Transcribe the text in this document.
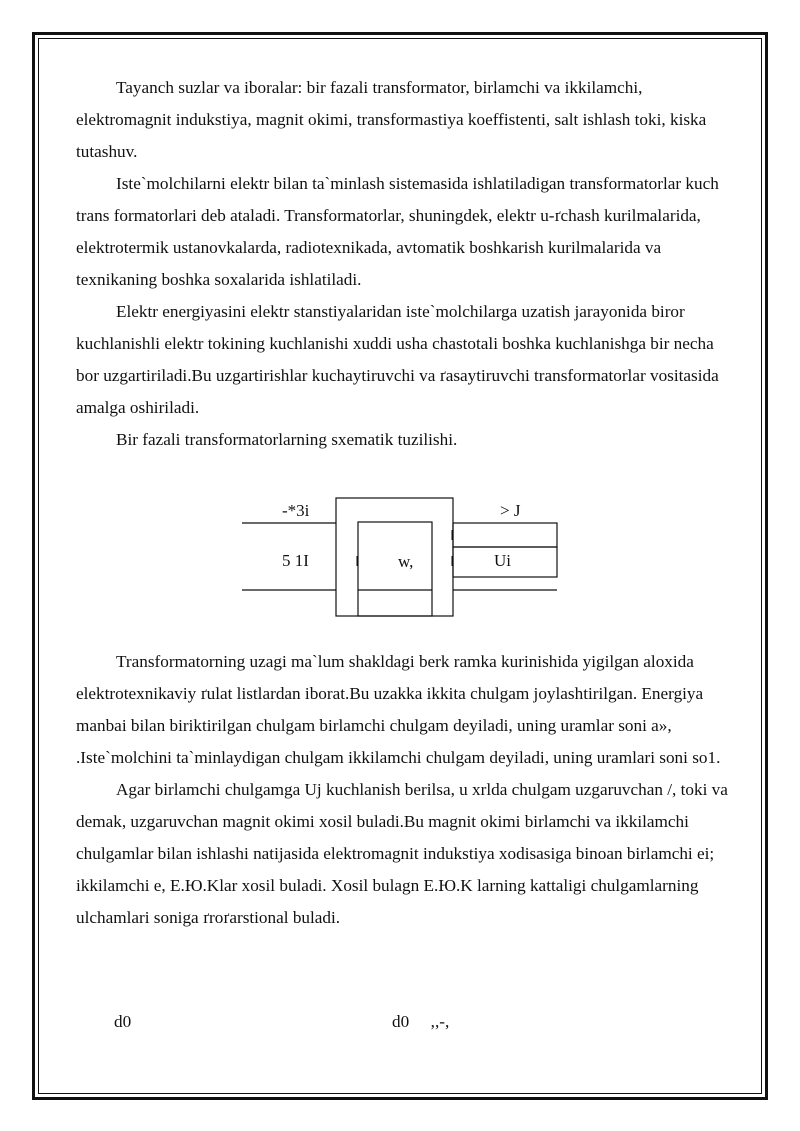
Tayanch suzlar va iboralar: bir fazali transformator, birlamchi va ikkilamchi, elektromagnit indukstiya, magnit okimi, transformastiya koeffistenti, salt ishlash toki, kiska tutashuv.

Iste`molchilarni elektr bilan ta`minlash sistemasida ishlatiladigan transformatorlar kuch trans formatorlari deb ataladi. Transformatorlar, shuningdek, elektr u-ґchash kurilmalarida, elektrotermik ustanovkalarda, radiotexnikada, avtomatik boshkarish kurilmalarida va texnikaning boshka soxalarida ishlatiladi.

Elektr energiyasini elektr stanstiyalaridan iste`molchilarga uzatish jarayonida biror kuchlanishli elektr tokining kuchlanishi xuddi usha chastotali boshka kuchlanishga bir necha bor uzgartiriladi.Bu uzgartirishlar kuchaytiruvchi va ґasaytiruvchi transformatorlar vositasida amalga oshiriladi.

Bir fazali transformatorlarning sxematik tuzilishi.

-*3i	> J
5 1I	w,	Ui

Transformatorning uzagi ma`lum shakldagi berk ramka kurinishida yigilgan aloxida elektrotexnikaviy ґulat listlardan iborat.Bu uzakka ikkita chulgam joylashtirilgan. Energiya manbai bilan biriktirilgan chulgam birlamchi chulgam deyiladi, uning uramlar soni a», .Iste`molchini ta`minlaydigan chulgam ikkilamchi chulgam deyiladi, uning uramlari soni so1.

Agar birlamchi chulgamga Uj kuchlanish berilsa, u xrlda chulgam uzgaruvchan /, toki va demak, uzgaruvchan magnit okimi xosil buladi.Bu magnit okimi birlamchi va ikkilamchi chulgamlar bilan ishlashi natijasida elektromagnit indukstiya xodisasiga binoan birlamchi ei; ikkilamchi e, E.Ю.Klar xosil buladi. Xosil bulagn E.Ю.K larning kattaligi chulgamlarning ulchamlari soniga ґroґarstional buladi.

d0	d0     ,,-,
